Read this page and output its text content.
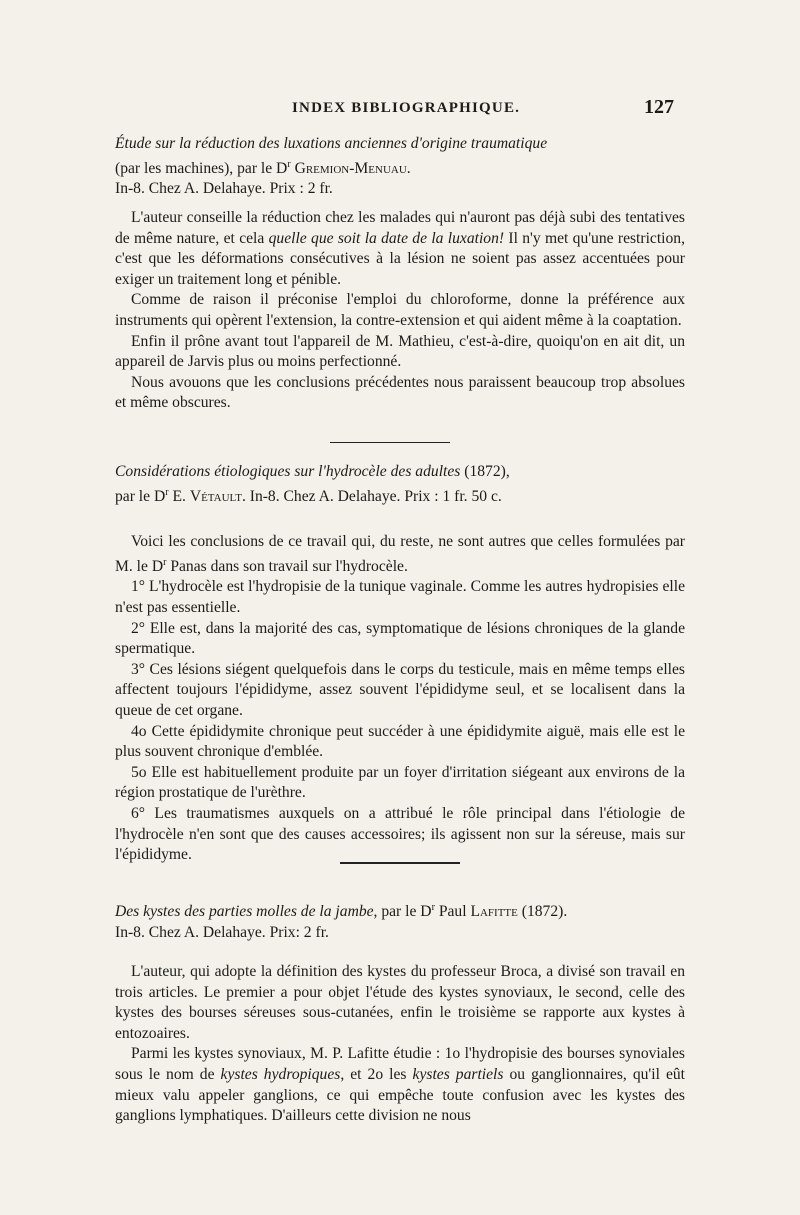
INDEX BIBLIOGRAPHIQUE.	127

Étude sur la réduction des luxations anciennes d'origine traumatique

(par les machines), par le $D^r$ Gremion-Menuau.

In-8. Chez A. Delahaye. Prix : 2 fr.

L'auteur conseille la réduction chez les malades qui n'auront pas déjà subi des tentatives de même nature, et cela quelle que soit la date de la luxation! Il n'y met qu'une restriction, c'est que les déformations consécutives à la lésion ne soient pas assez accentuées pour exiger un traitement long et pénible.

Comme de raison il préconise l'emploi du chloroforme, donne la préférence aux instruments qui opèrent l'extension, la contre-extension et qui aident même à la coaptation.

Enfin il prône avant tout l'appareil de M. Mathieu, c'est-à-dire, quoiqu'on en ait dit, un appareil de Jarvis plus ou moins perfectionné.

Nous avouons que les conclusions précédentes nous paraissent beaucoup trop absolues et même obscures.

Considérations étiologiques sur l'hydrocèle des adultes (1872),

par le $D^r$ E. Vétault. In-8. Chez A. Delahaye. Prix : 1 fr. 50 c.

Voici les conclusions de ce travail qui, du reste, ne sont autres que celles formulées par M. le $D^r$ Panas dans son travail sur l'hydrocèle.

1° L'hydrocèle est l'hydropisie de la tunique vaginale. Comme les autres hydropisies elle n'est pas essentielle.

2° Elle est, dans la majorité des cas, symptomatique de lésions chroniques de la glande spermatique.

3° Ces lésions siégent quelquefois dans le corps du testicule, mais en même temps elles affectent toujours l'épididyme, assez souvent l'épididyme seul, et se localisent dans la queue de cet organe.

4o Cette épididymite chronique peut succéder à une épididymite aiguë, mais elle est le plus souvent chronique d'emblée.

5o Elle est habituellement produite par un foyer d'irritation siégeant aux environs de la région prostatique de l'urèthre.

6° Les traumatismes auxquels on a attribué le rôle principal dans l'étiologie de l'hydrocèle n'en sont que des causes accessoires; ils agissent non sur la séreuse, mais sur l'épididyme.

Des kystes des parties molles de la jambe, par le $D^r$ Paul Lafitte (1872).

In-8. Chez A. Delahaye. Prix: 2 fr.

L'auteur, qui adopte la définition des kystes du professeur Broca, a divisé son travail en trois articles. Le premier a pour objet l'étude des kystes synoviaux, le second, celle des kystes des bourses séreuses sous-cutanées, enfin le troisième se rapporte aux kystes à entozoaires.

Parmi les kystes synoviaux, M. P. Lafitte étudie : 1o l'hydropisie des bourses synoviales sous le nom de kystes hydropiques, et 2o les kystes partiels ou ganglionnaires, qu'il eût mieux valu appeler ganglions, ce qui empêche toute confusion avec les kystes des ganglions lymphatiques. D'ailleurs cette division ne nous
